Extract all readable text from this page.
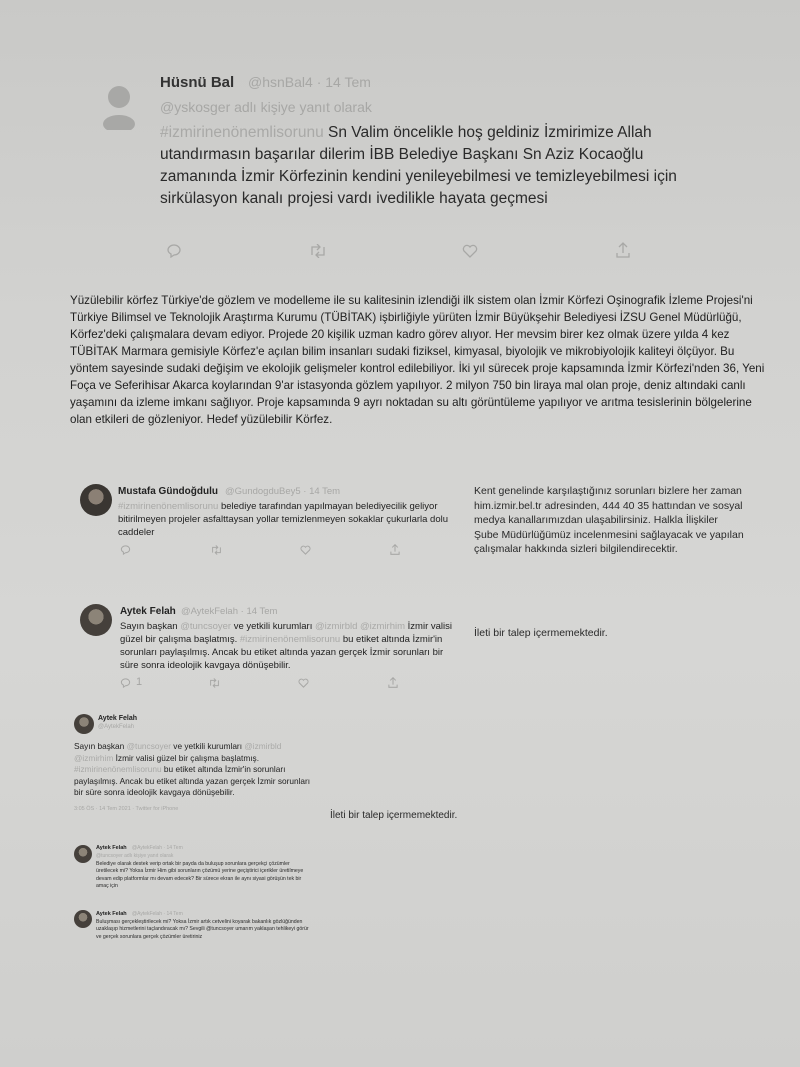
Hüsnü Bal @hsnBal4 · 14 Tem
@yskosger adlı kişiye yanıt olarak

#izmirinenönemlisorunu Sn Valim öncelikle hoş geldiniz İzmirimize Allah utandırmasın başarılar dilerim İBB Belediye Başkanı Sn Aziz Kocaoğlu zamanında İzmir Körfezinin kendini yenileyebilmesi ve temizleyebilmesi için sirkülasyon kanalı projesi vardı ivedilikle hayata geçmesi

Yüzülebilir körfez Türkiye'de gözlem ve modelleme ile su kalitesinin izlendiği ilk sistem olan İzmir Körfezi Oşinografik İzleme Projesi'ni Türkiye Bilimsel ve Teknolojik Araştırma Kurumu (TÜBİTAK) işbirliğiyle yürüten İzmir Büyükşehir Belediyesi İZSU Genel Müdürlüğü, Körfez'deki çalışmalara devam ediyor. Projede 20 kişilik uzman kadro görev alıyor. Her mevsim birer kez olmak üzere yılda 4 kez TÜBİTAK Marmara gemisiyle Körfez'e açılan bilim insanları sudaki fiziksel, kimyasal, biyolojik ve mikrobiyolojik kaliteyi ölçüyor. Bu yöntem sayesinde sudaki değişim ve ekolojik gelişmeler kontrol edilebiliyor. İki yıl sürecek proje kapsamında İzmir Körfezi'nden 36, Yeni Foça ve Seferihisar Akarca koylarından 9'ar istasyonda gözlem yapılıyor. 2 milyon 750 bin liraya mal olan proje, deniz altındaki canlı yaşamını da izleme imkanı sağlıyor. Proje kapsamında 9 ayrı noktadan su altı görüntüleme yapılıyor ve arıtma tesislerinin bölgelerine olan etkileri de gözleniyor. Hedef yüzülebilir Körfez.

Mustafa Gündoğdulu @GundogduBey5 · 14 Tem

#izmirinenönemlisorunu belediye tarafından yapılmayan belediyecilik geliyor bitirilmeyen projeler asfalttaysan yollar temizlenmeyen sokaklar çukurlarla dolu caddeler

Kent genelinde karşılaştığınız sorunları bizlere her zaman him.izmir.bel.tr adresinden, 444 40 35 hattından ve sosyal medya kanallarımızdan ulaşabilirsiniz. Halkla İlişkiler Şube Müdürlüğümüz incelenmesini sağlayacak ve yapılan çalışmalar hakkında sizleri bilgilendirecektir.

Aytek Felah @AytekFelah · 14 Tem

Sayın başkan @tuncsoyer ve yetkili kurumları @izmirbld @izmirhim İzmir valisi güzel bir çalışma başlatmış. #izmirinenönemlisorunu bu etiket altında İzmir'in sorunları paylaşılmış. Ancak bu etiket altında yazan gerçek İzmir sorunları bir süre sonra ideolojik kavgaya dönüşebilir.

1

İleti bir talep içermemektedir.

Aytek Felah
@AytekFelah

Sayın başkan @tuncsoyer ve yetkili kurumları @izmirbld @izmirhim İzmir valisi güzel bir çalışma başlatmış. #izmirinenönemlisorunu bu etiket altında İzmir'in sorunları paylaşılmış. Ancak bu etiket altında yazan gerçek İzmir sorunları bir süre sonra ideolojik kavgaya dönüşebilir.

3:05 ÖS · 14 Tem 2021 · Twitter for iPhone

İleti bir talep içermemektedir.

Aytek Felah @AytekFelah · 14 Tem
@tuncsoyer adlı kişiye yanıt olarak

Belediye olarak destek verip ortak bir payda da buluşup sorunlara gerçekçi çözümler üretilecek mi? Yoksa İzmir Him gibi sorunların çözümü yerine geçiştirici içerikler üretilmeye devam edip platformlar mı devam edecek? Bir sürece ekran ile aynı siyasi görüşün tek bir amaç için

Aytek Felah @AytekFelah · 14 Tem

Buluşması gerçekleştirilecek mi? Yoksa İzmir artık cetvelini koyarak bakanlık gözlüğünden uzaklaşıp hizmetlerini taçlandıracak mı? Sevgili @tuncsoyer umarım yaklaşan tehlikeyi görür ve gerçek sorunlara gerçek çözümler üretiriniz
